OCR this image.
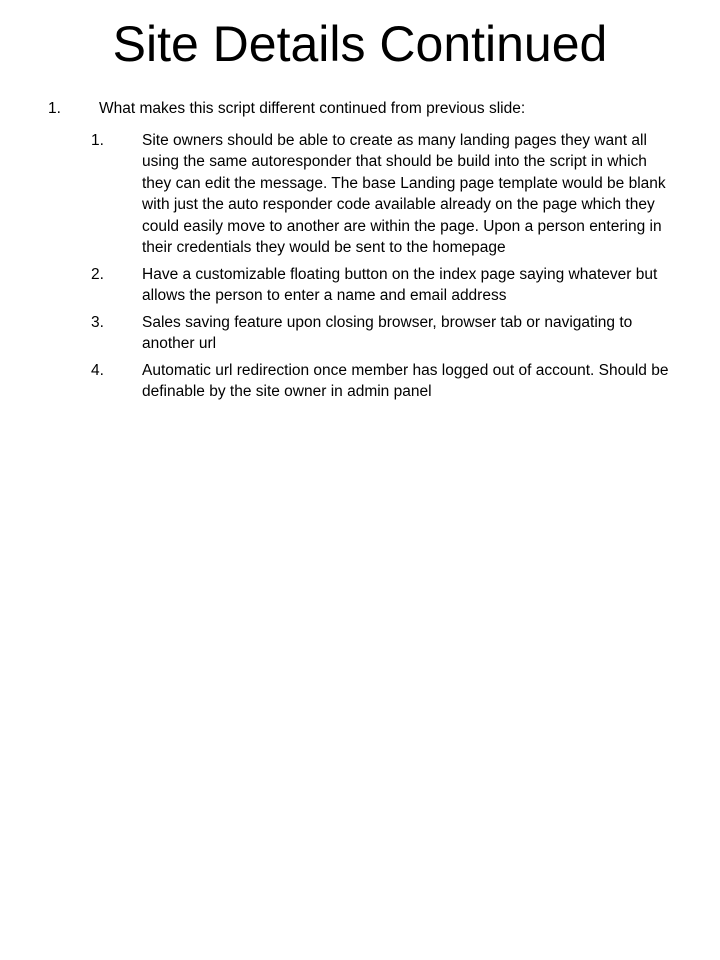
Site Details Continued
1.	What makes this script different continued from previous slide:
1.	Site owners should be able to create as many landing pages they want all using the same autoresponder that should be build into the script in which they can edit the message. The base Landing page template would be blank with just the auto responder code available already on the page which they could easily move to another are within the page. Upon a person entering in their credentials they would be sent to the homepage
2.	Have a customizable floating button on the index page saying whatever but allows the person to enter a name and email address
3.	Sales saving feature upon closing browser, browser tab or navigating to another url
4.	Automatic url redirection once member has logged out of account. Should be definable by the site owner in admin panel
